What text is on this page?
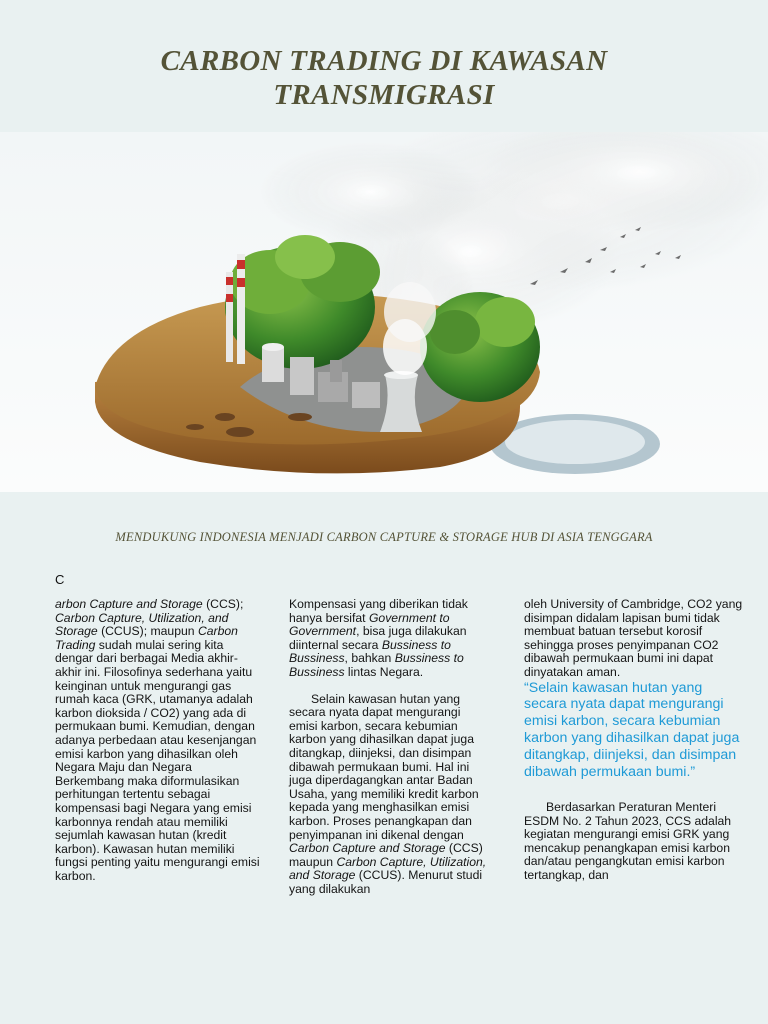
CARBON TRADING DI KAWASAN
TRANSMIGRASI
MENDUKUNG INDONESIA MENJADI CARBON CAPTURE & STORAGE HUB DI ASIA TENGGARA
C

arbon Capture and Storage (CCS); Carbon Capture, Utilization, and Storage (CCUS); maupun Carbon Trading sudah mulai sering kita dengar dari berbagai Media akhir-akhir ini. Filosofinya sederhana yaitu keinginan untuk mengurangi gas rumah kaca (GRK, utamanya adalah karbon dioksida / CO2) yang ada di permukaan bumi. Kemudian, dengan adanya perbedaan atau kesenjangan emisi karbon yang dihasilkan oleh Negara Maju dan Negara Berkembang maka diformulasikan perhitungan tertentu sebagai kompensasi bagi Negara yang emisi karbonnya rendah atau memiliki sejumlah kawasan hutan (kredit karbon). Kawasan hutan memiliki fungsi penting yaitu mengurangi emisi karbon.

Kompensasi yang diberikan tidak hanya bersifat Government to Government, bisa juga dilakukan diinternal secara Bussiness to Bussiness, bahkan Bussiness to Bussiness lintas Negara.

Selain kawasan hutan yang secara nyata dapat mengurangi emisi karbon, secara kebumian karbon yang dihasilkan dapat juga ditangkap, diinjeksi, dan disimpan dibawah permukaan bumi. Hal ini juga diperdagangkan antar Badan Usaha, yang memiliki kredit karbon kepada yang menghasilkan emisi karbon. Proses penangkapan dan penyimpanan ini dikenal dengan Carbon Capture and Storage (CCS) maupun Carbon Capture, Utilization, and Storage (CCUS). Menurut studi yang dilakukan

oleh University of Cambridge, CO2 yang disimpan didalam lapisan bumi tidak membuat batuan tersebut korosif sehingga proses penyimpanan CO2 dibawah permukaan bumi ini dapat dinyatakan aman.

“Selain kawasan hutan yang secara nyata dapat mengurangi emisi karbon, secara kebumian karbon yang dihasilkan dapat juga ditangkap, diinjeksi, dan disimpan dibawah permukaan bumi.”

Berdasarkan Peraturan Menteri ESDM No. 2 Tahun 2023, CCS adalah kegiatan mengurangi emisi GRK yang mencakup penangkapan emisi karbon dan/atau pengangkutan emisi karbon tertangkap, dan
